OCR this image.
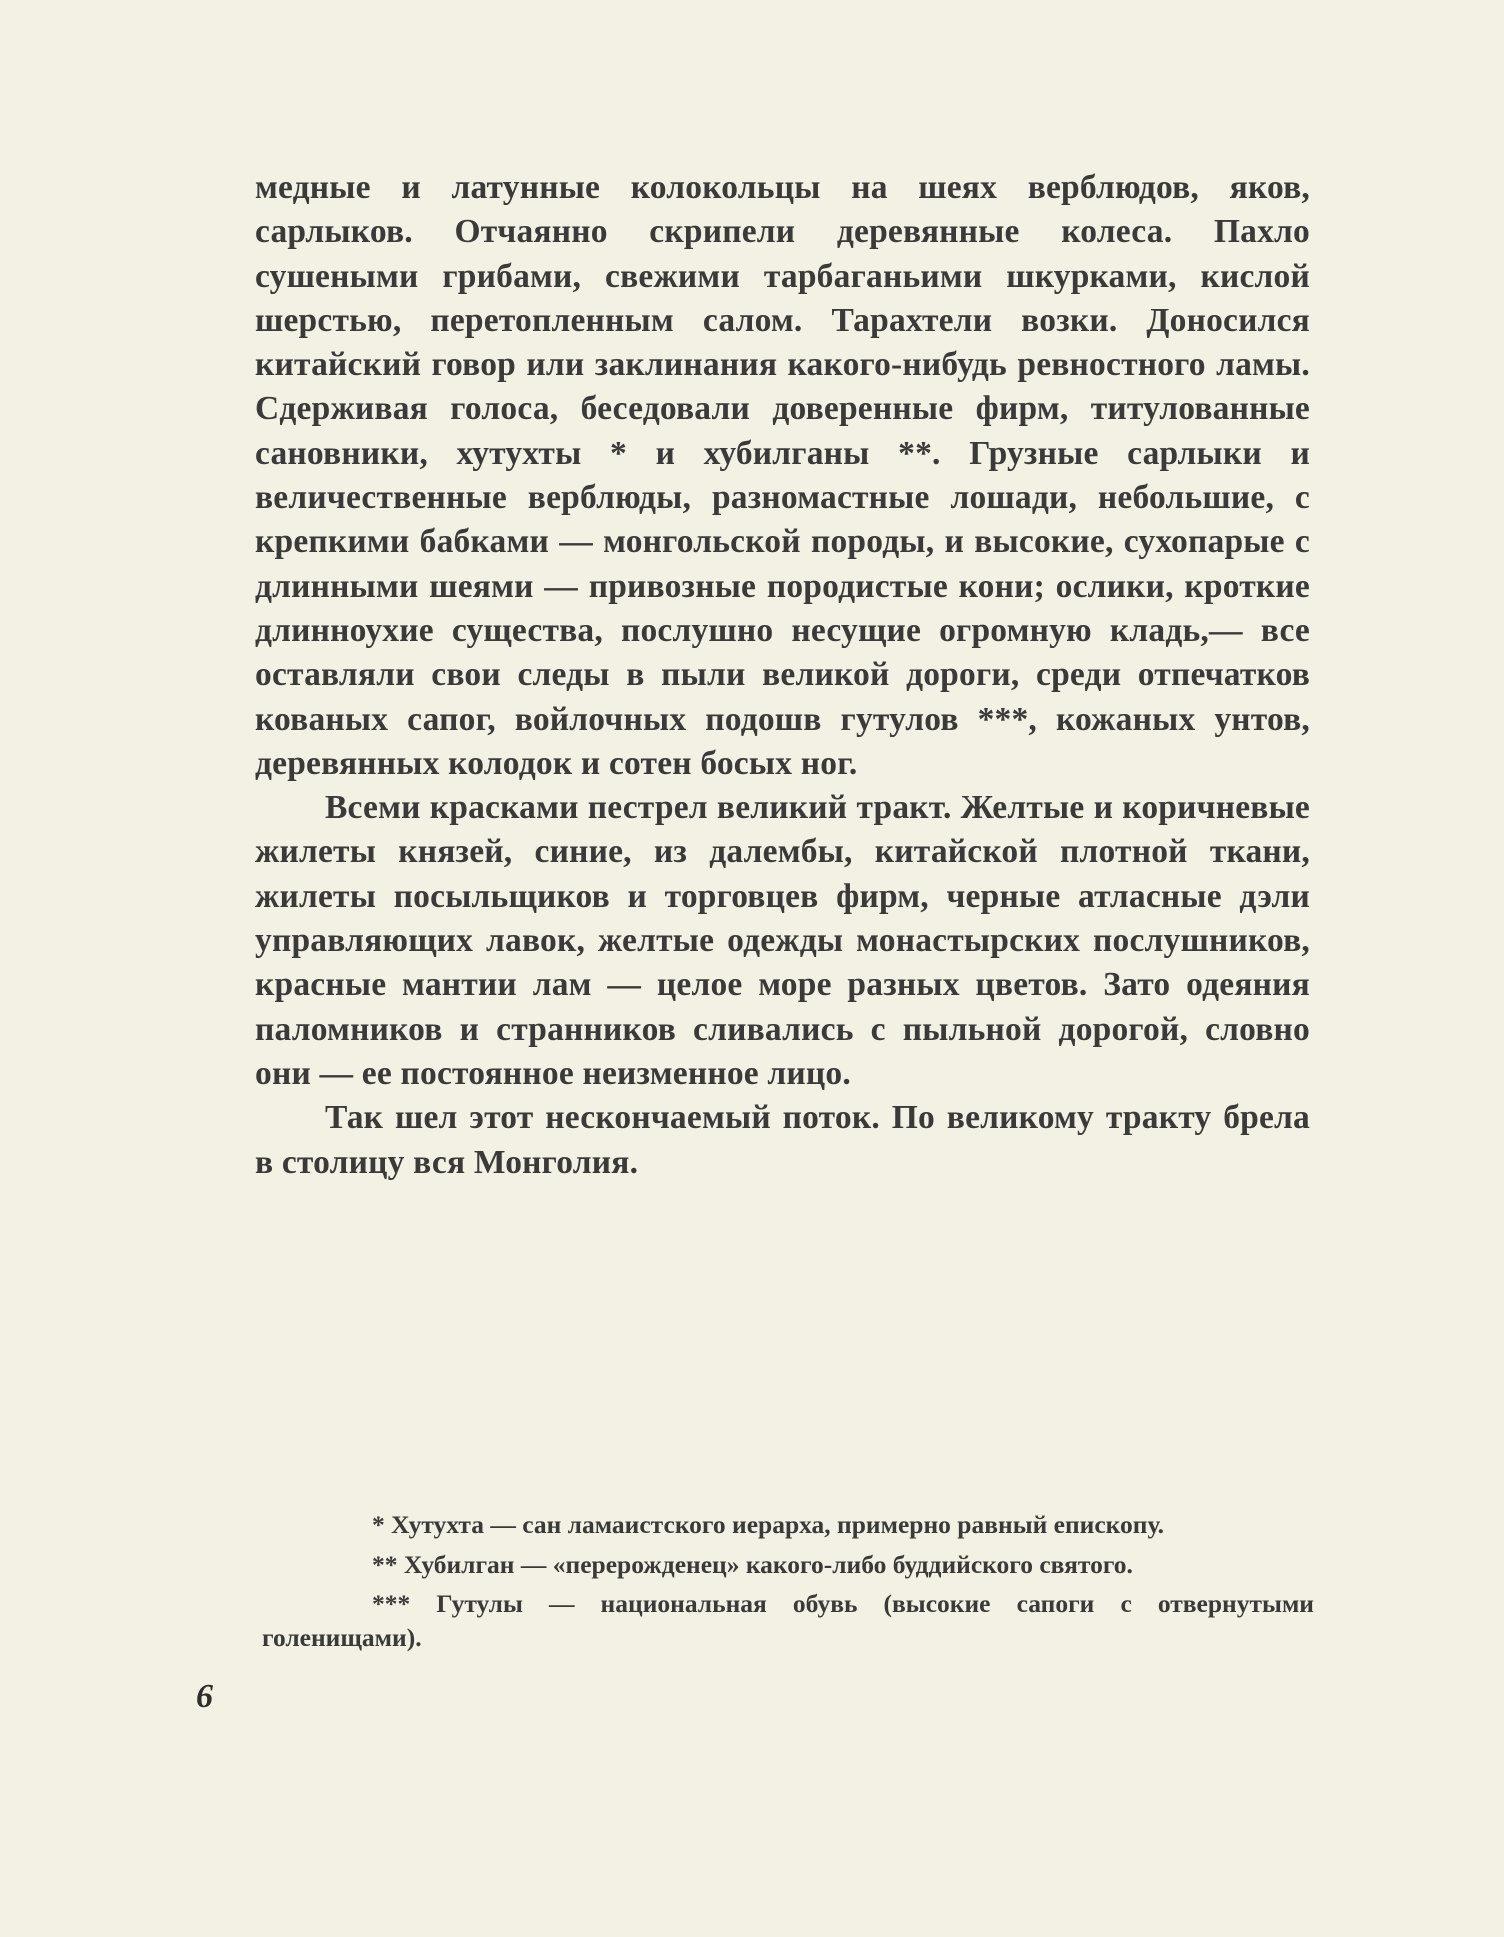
медные и латунные колокольцы на шеях верблюдов, яков, сарлыков. Отчаянно скрипели деревянные колеса. Пахло сушеными грибами, свежими тарбаганьими шкурками, кислой шерстью, перетопленным салом. Тарахтели возки. Доносился китайский говор или заклинания какого-нибудь ревностного ламы. Сдерживая голоса, беседовали доверенные фирм, титулованные сановники, хутухты * и хубилганы **. Грузные сарлыки и величественные верблюды, разномастные лошади, небольшие, с крепкими бабками — монгольской породы, и высокие, сухопарые с длинными шеями — привозные породистые кони; ослики, кроткие длинноухие существа, послушно несущие огромную кладь,— все оставляли свои следы в пыли великой дороги, среди отпечатков кованых сапог, войлочных подошв гутулов ***, кожаных унтов, деревянных колодок и сотен босых ног.

Всеми красками пестрел великий тракт. Желтые и коричневые жилеты князей, синие, из далембы, китайской плотной ткани, жилеты посыльщиков и торговцев фирм, черные атласные дэли управляющих лавок, желтые одежды монастырских послушников, красные мантии лам — целое море разных цветов. Зато одеяния паломников и странников сливались с пыльной дорогой, словно они — ее постоянное неизменное лицо.

Так шел этот нескончаемый поток. По великому тракту брела в столицу вся Монголия.

* Хутухта — сан ламаистского иерарха, примерно равный епископу.

** Хубилган — «перерожденец» какого-либо буддийского святого.

*** Гутулы — национальная обувь (высокие сапоги с отвернутыми голенищами).

6
